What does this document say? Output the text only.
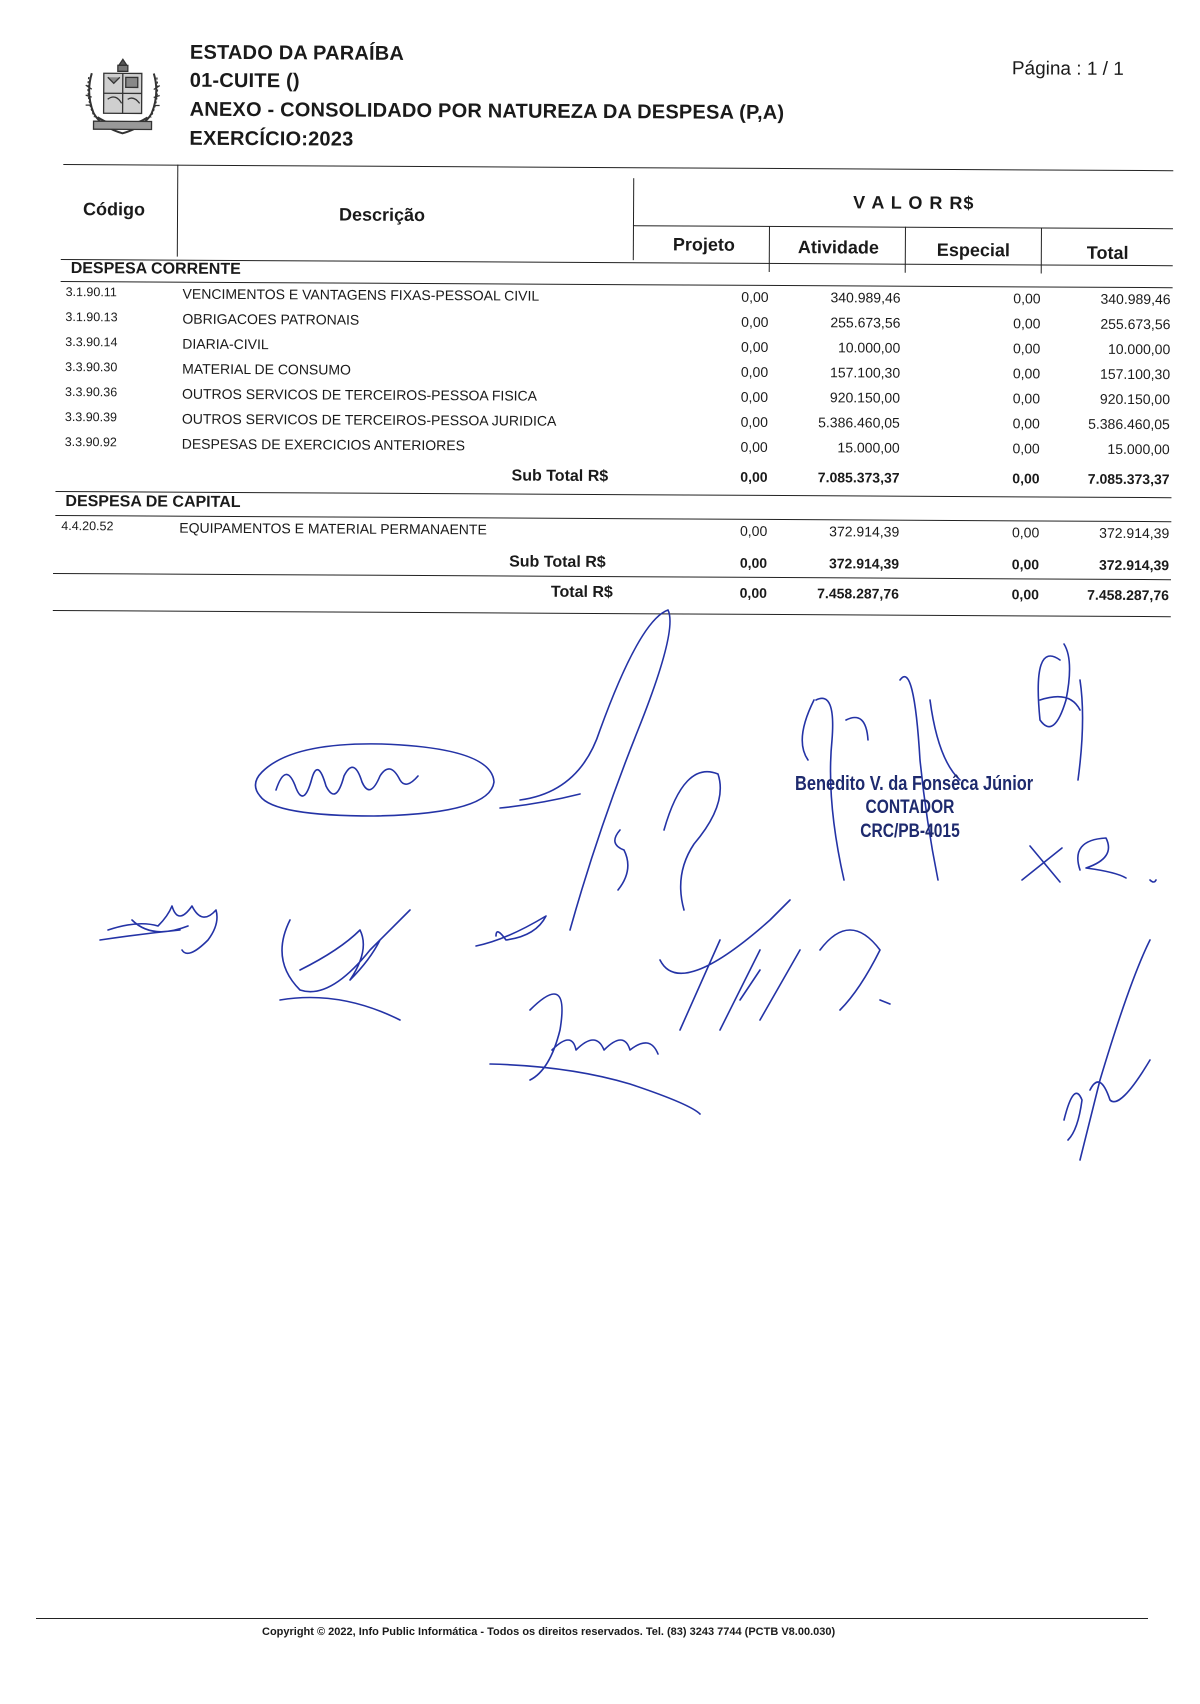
ESTADO DA PARAÍBA
01-CUITE ()
ANEXO - CONSOLIDADO POR NATUREZA DA DESPESA (P,A)
EXERCÍCIO:2023
Página : 1 / 1
Código	Descrição
V A L O R R$
Projeto	Atividade	Especial	Total
DESPESA CORRENTE
3.1.90.11	VENCIMENTOS E VANTAGENS FIXAS-PESSOAL CIVIL	0,00	340.989,46	0,00	340.989,46
3.1.90.13	OBRIGACOES PATRONAIS	0,00	255.673,56	0,00	255.673,56
3.3.90.14	DIARIA-CIVIL	0,00	10.000,00	0,00	10.000,00
3.3.90.30	MATERIAL DE CONSUMO	0,00	157.100,30	0,00	157.100,30
3.3.90.36	OUTROS SERVICOS DE TERCEIROS-PESSOA FISICA	0,00	920.150,00	0,00	920.150,00
3.3.90.39	OUTROS SERVICOS DE TERCEIROS-PESSOA JURIDICA	0,00	5.386.460,05	0,00	5.386.460,05
3.3.90.92	DESPESAS DE EXERCICIOS ANTERIORES	0,00	15.000,00	0,00	15.000,00
Sub Total R$	0,00	7.085.373,37	0,00	7.085.373,37
DESPESA DE CAPITAL
4.4.20.52	EQUIPAMENTOS E MATERIAL PERMANAENTE	0,00	372.914,39	0,00	372.914,39
Sub Total R$	0,00	372.914,39	0,00	372.914,39
Total R$	0,00	7.458.287,76	0,00	7.458.287,76
Benedito V. da Fonsêca Júnior
CONTADOR
CRC/PB-4015
Copyright © 2022, Info Public Informática - Todos os direitos reservados. Tel. (83) 3243 7744 (PCTB V8.00.030)
